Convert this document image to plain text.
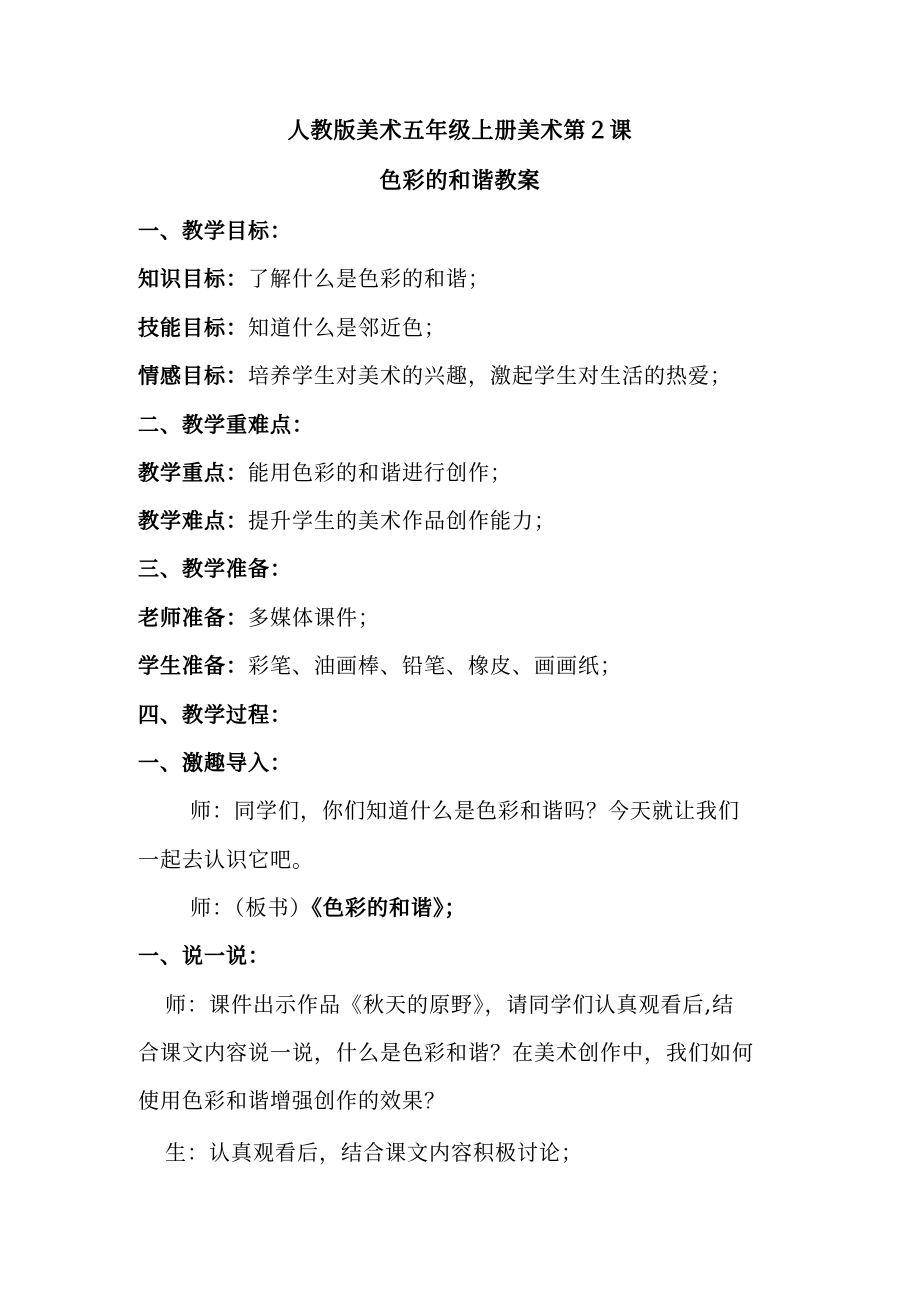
人教版美术五年级上册美术第２课
色彩的和谐教案
一、教学目标：
知识目标：了解什么是色彩的和谐；
技能目标：知道什么是邻近色；
情感目标：培养学生对美术的兴趣，激起学生对生活的热爱；
二、教学重难点：
教学重点：能用色彩的和谐进行创作；
教学难点：提升学生的美术作品创作能力；
三、教学准备：
老师准备：多媒体课件；
学生准备：彩笔、油画棒、铅笔、橡皮、画画纸；
四、教学过程：
一、激趣导入：
师：同学们，你们知道什么是色彩和谐吗？今天就让我们
一起去认识它吧。
师：（板书）《色彩的和谐》；
一、说一说：
师：课件出示作品《秋天的原野》，请同学们认真观看后,结
合课文内容说一说，什么是色彩和谐？在美术创作中，我们如何
使用色彩和谐增强创作的效果？
生：认真观看后，结合课文内容积极讨论；
